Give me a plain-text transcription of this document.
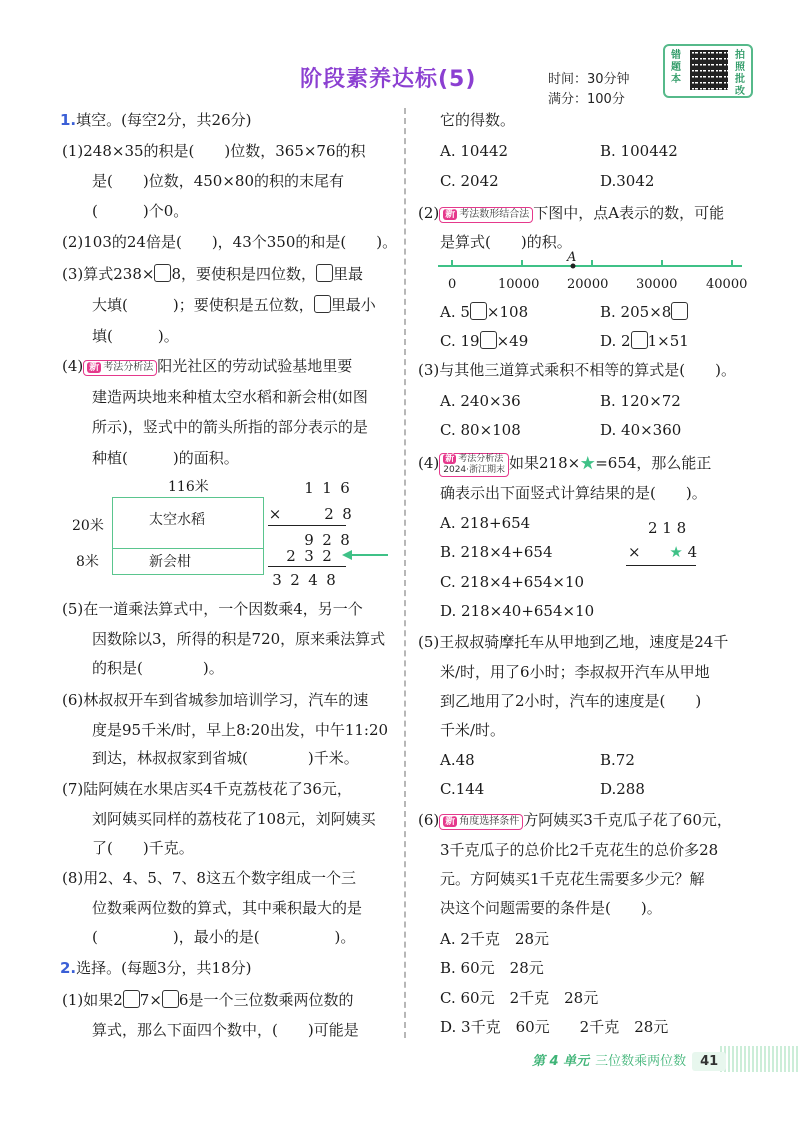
阶段素养达标(5)	时间：30分钟
满分：100分
错题本
拍照批改
1.填空。(每空2分，共26分)
(1)248×35的积是(　　)位数，365×76的积
是(　　)位数，450×80的积的末尾有
(　　　)个0。
(2)103的24倍是(　　)，43个350的和是(　　)。
(3)算式238× 8，要使积是四位数， 里最
大填(　　　)；要使积是五位数， 里最小
填(　　　)。
(4) 新 考法分析法 阳光社区的劳动试验基地里要
建造两块地来种植太空水稻和新会柑(如图
所示)，竖式中的箭头所指的部分表示的是
种植(　　　)的面积。
116米
20米
8米
太空水稻
新会柑
1 1 6
×	2 8
9 2 8
2 3 2
3 2 4 8
(5)在一道乘法算式中，一个因数乘4，另一个
因数除以3，所得的积是720，原来乘法算式
的积是(　　　　)。
(6)林叔叔开车到省城参加培训学习，汽车的速
度是95千米/时，早上8:20出发，中午11:20
到达，林叔叔家到省城(　　　　)千米。
(7)陆阿姨在水果店买4千克荔枝花了36元，
刘阿姨买同样的荔枝花了108元，刘阿姨买
了(　　)千克。
(8)用2、4、5、7、8这五个数字组成一个三
位数乘两位数的算式，其中乘积最大的是
(　　　　　)，最小的是(　　　　　)。
2.选择。(每题3分，共18分)
(1)如果2 7× 6是一个三位数乘两位数的
算式，那么下面四个数中，(　　)可能是
它的得数。
A. 10442	B. 100442
C. 2042	D.3042
(2) 新 考法数形结合法 下图中，点A表示的数，可能
是算式(　　)的积。
A
0	10000 20000 30000 40000
A. 5 ×108	B. 205×8
C. 19 ×49	D. 2 1×51
(3)与其他三道算式乘积不相等的算式是(　　)。
A. 240×36	B. 120×72
C. 80×108	D. 40×360
(4) 新 考法分析法
2024·浙江期末 如果218×★=654，那么能正
确表示出下面竖式计算结果的是(　　)。
A. 218+654
B. 218×4+654
C. 218×4+654×10
D. 218×40+654×10
2 1 8
× ★ 4
(5)王叔叔骑摩托车从甲地到乙地，速度是24千
米/时，用了6小时；李叔叔开汽车从甲地
到乙地用了2小时，汽车的速度是(　　)
千米/时。
A.48	B.72
C.144	D.288
(6) 新 角度选择条件 方阿姨买3千克瓜子花了60元，
3千克瓜子的总价比2千克花生的总价多28
元。方阿姨买1千克花生需要多少元？解
决这个问题需要的条件是(　　)。
A. 2千克　28元
B. 60元　28元
C. 60元　2千克　28元
D. 3千克　60元　　2千克　28元
第 4 单元 三位数乘两位数 41
